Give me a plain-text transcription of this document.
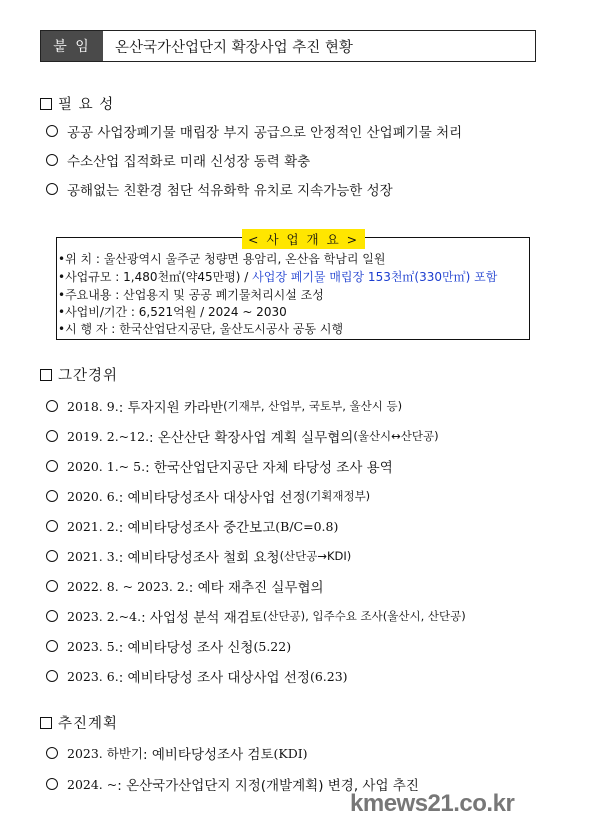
붙 임	온산국가산업단지 확장사업 추진 현황
필 요 성
공공 사업장폐기물 매립장 부지 공급으로 안정적인 산업폐기물 처리
수소산업 집적화로 미래 신성장 동력 확충
공해없는 친환경 첨단 석유화학 유치로 지속가능한 성장
< 사 업 개 요 >
•위 치 : 울산광역시 울주군 청량면 용암리, 온산읍 학남리 일원
•사업규모 : 1,480천㎡(약45만평) / 사업장 폐기물 매립장 153천㎡(330만㎥) 포함
•주요내용 : 산업용지 및 공공 폐기물처리시설 조성
•사업비/기간 : 6,521억원 / 2024 ~ 2030
•시 행 자 : 한국산업단지공단, 울산도시공사 공동 시행
그간경위
2018. 9. : 투자지원 카라반 (기재부, 산업부, 국토부, 울산시 등)
2019. 2.~12. : 온산산단 확장사업 계획 실무협의 (울산시↔산단공)
2020. 1.~ 5. : 한국산업단지공단 자체 타당성 조사 용역
2020. 6. : 예비타당성조사 대상사업 선정 (기획재정부)
2021. 2. : 예비타당성조사 중간보고 (B/C=0.8)
2021. 3. : 예비타당성조사 철회 요청 (산단공→KDI)
2022. 8. ~ 2023. 2. : 예타 재추진 실무협의
2023. 2.~4. : 사업성 분석 재검토 (산단공), 입주수요 조사(울산시, 산단공)
2023. 5. : 예비타당성 조사 신청 (5.22)
2023. 6. : 예비타당성 조사 대상사업 선정 (6.23)
추진계획
2023. 하반기 : 예비타당성조사 검토 (KDI)
2024. ~ : 온산국가산업단지 지정(개발계획) 변경, 사업 추진
kmews21.co.kr
